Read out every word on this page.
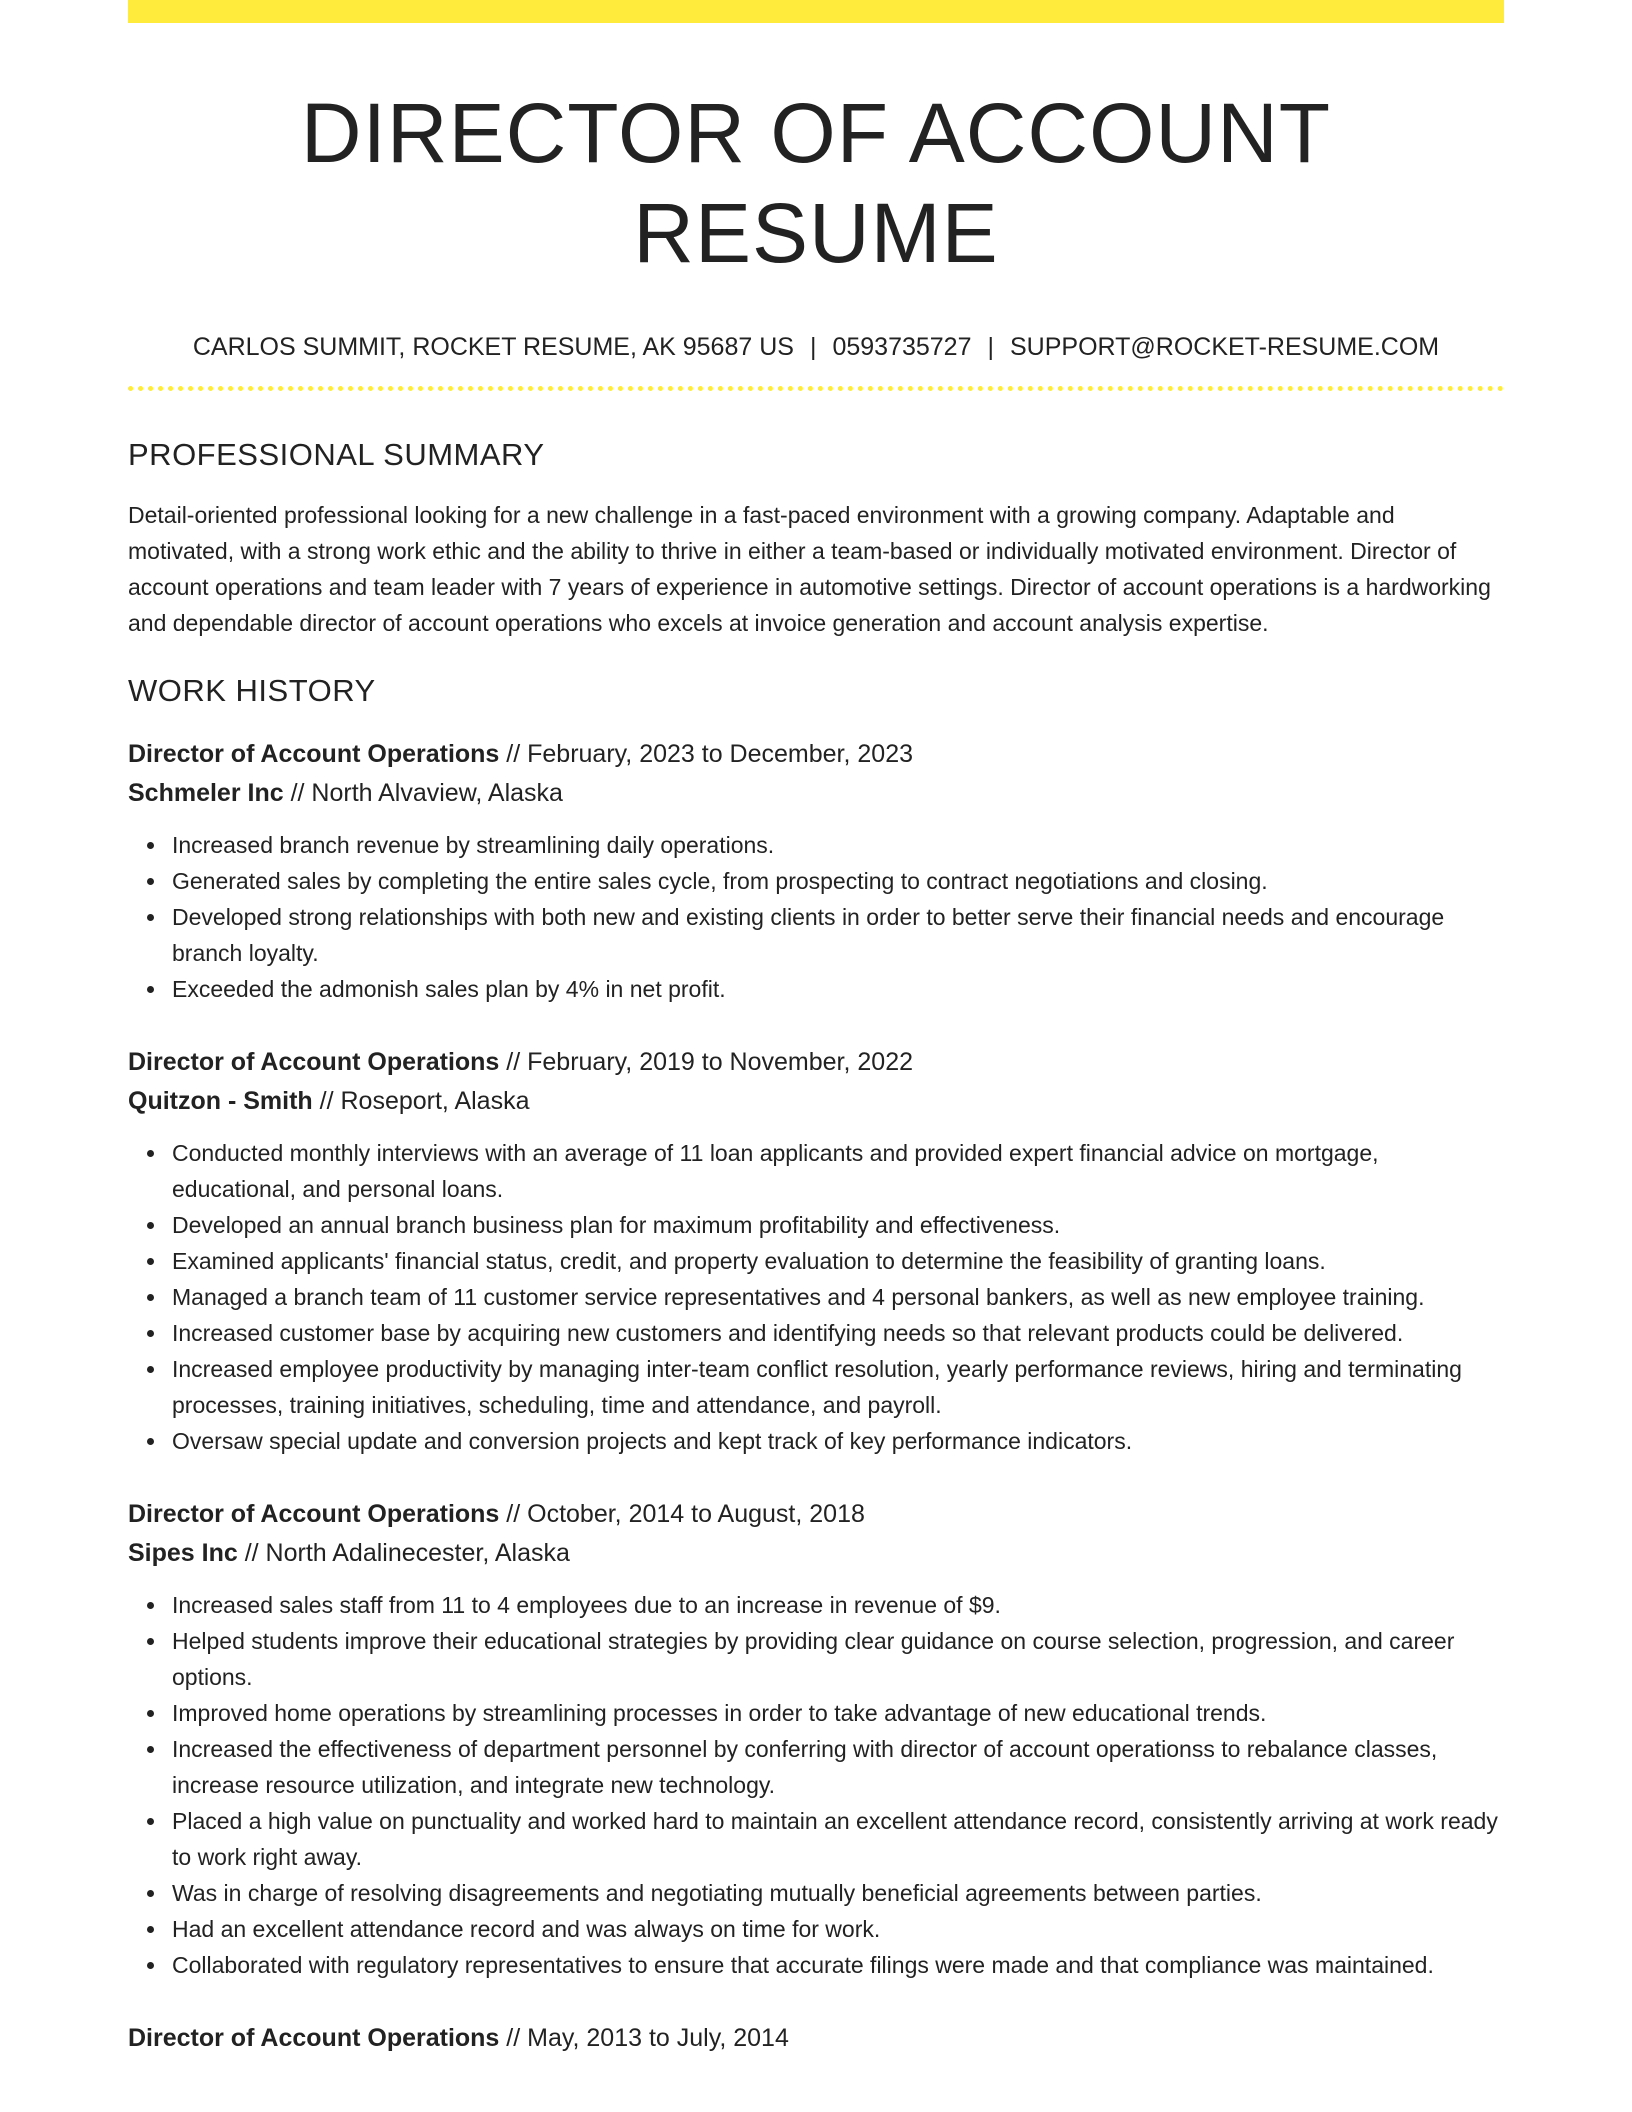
DIRECTOR OF ACCOUNT RESUME
CARLOS SUMMIT, ROCKET RESUME, AK 95687 US | 0593735727 | SUPPORT@ROCKET-RESUME.COM
PROFESSIONAL SUMMARY

Detail-oriented professional looking for a new challenge in a fast-paced environment with a growing company. Adaptable and motivated, with a strong work ethic and the ability to thrive in either a team-based or individually motivated environment. Director of account operations and team leader with 7 years of experience in automotive settings. Director of account operations is a hardworking and dependable director of account operations who excels at invoice generation and account analysis expertise.

WORK HISTORY
Director of Account Operations // February, 2023 to December, 2023
Schmeler Inc // North Alvaview, Alaska
Increased branch revenue by streamlining daily operations.
Generated sales by completing the entire sales cycle, from prospecting to contract negotiations and closing.
Developed strong relationships with both new and existing clients in order to better serve their financial needs and encourage branch loyalty.
Exceeded the admonish sales plan by 4% in net profit.
Director of Account Operations // February, 2019 to November, 2022
Quitzon - Smith // Roseport, Alaska
Conducted monthly interviews with an average of 11 loan applicants and provided expert financial advice on mortgage, educational, and personal loans.
Developed an annual branch business plan for maximum profitability and effectiveness.
Examined applicants' financial status, credit, and property evaluation to determine the feasibility of granting loans.
Managed a branch team of 11 customer service representatives and 4 personal bankers, as well as new employee training.
Increased customer base by acquiring new customers and identifying needs so that relevant products could be delivered.
Increased employee productivity by managing inter-team conflict resolution, yearly performance reviews, hiring and terminating processes, training initiatives, scheduling, time and attendance, and payroll.
Oversaw special update and conversion projects and kept track of key performance indicators.
Director of Account Operations // October, 2014 to August, 2018
Sipes Inc // North Adalinecester, Alaska
Increased sales staff from 11 to 4 employees due to an increase in revenue of $9.
Helped students improve their educational strategies by providing clear guidance on course selection, progression, and career options.
Improved home operations by streamlining processes in order to take advantage of new educational trends.
Increased the effectiveness of department personnel by conferring with director of account operationss to rebalance classes, increase resource utilization, and integrate new technology.
Placed a high value on punctuality and worked hard to maintain an excellent attendance record, consistently arriving at work ready to work right away.
Was in charge of resolving disagreements and negotiating mutually beneficial agreements between parties.
Had an excellent attendance record and was always on time for work.
Collaborated with regulatory representatives to ensure that accurate filings were made and that compliance was maintained.
Director of Account Operations // May, 2013 to July, 2014
